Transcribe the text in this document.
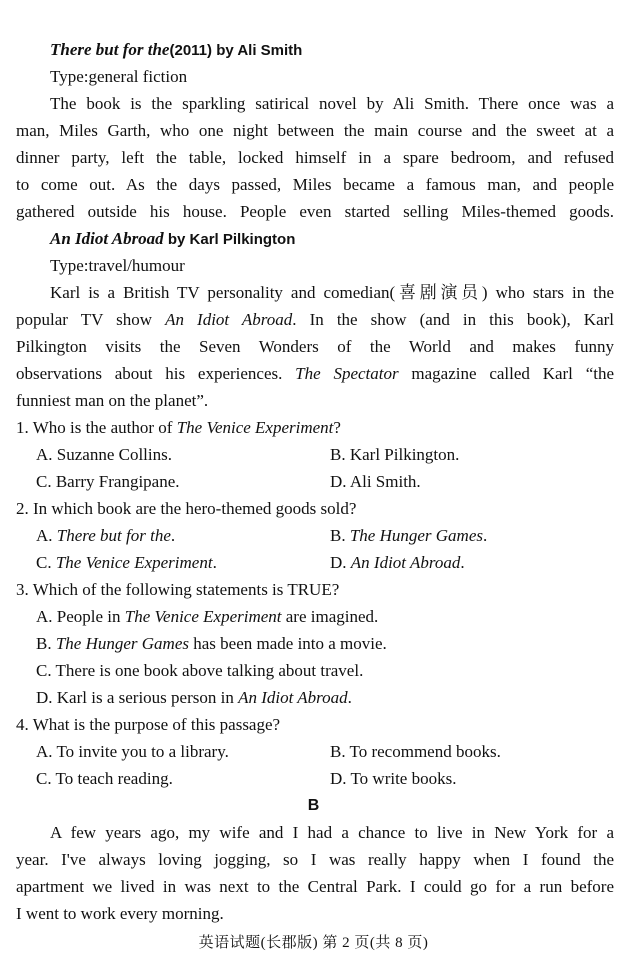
There but for the(2011) by Ali Smith
Type:general fiction
The book is the sparkling satirical novel by Ali Smith. There once was a
man, Miles Garth, who one night between the main course and the sweet at a
dinner party, left the table, locked himself in a spare bedroom, and refused
to come out. As the days passed, Miles became a famous man, and people
gathered outside his house. People even started selling Miles-themed goods.
An Idiot Abroad by Karl Pilkington
Type:travel/humour
Karl is a British TV personality and comedian(喜剧演员) who stars in the
popular TV show An Idiot Abroad. In the show (and in this book), Karl
Pilkington visits the Seven Wonders of the World and makes funny
observations about his experiences. The Spectator magazine called Karl “the
funniest man on the planet”.
1. Who is the author of The Venice Experiment?
A. Suzanne Collins.	B. Karl Pilkington.
C. Barry Frangipane.	D. Ali Smith.
2. In which book are the hero-themed goods sold?
A. There but for the.	B. The Hunger Games.
C. The Venice Experiment.	D. An Idiot Abroad.
3. Which of the following statements is TRUE?
A. People in The Venice Experiment are imagined.
B. The Hunger Games has been made into a movie.
C. There is one book above talking about travel.
D. Karl is a serious person in An Idiot Abroad.
4. What is the purpose of this passage?
A. To invite you to a library.	B. To recommend books.
C. To teach reading.	D. To write books.
B
A few years ago, my wife and I had a chance to live in New York for a
year. I've always loving jogging, so I was really happy when I found the
apartment we lived in was next to the Central Park. I could go for a run before
I went to work every morning.
英语试题(长郡版) 第 2 页(共 8 页)
